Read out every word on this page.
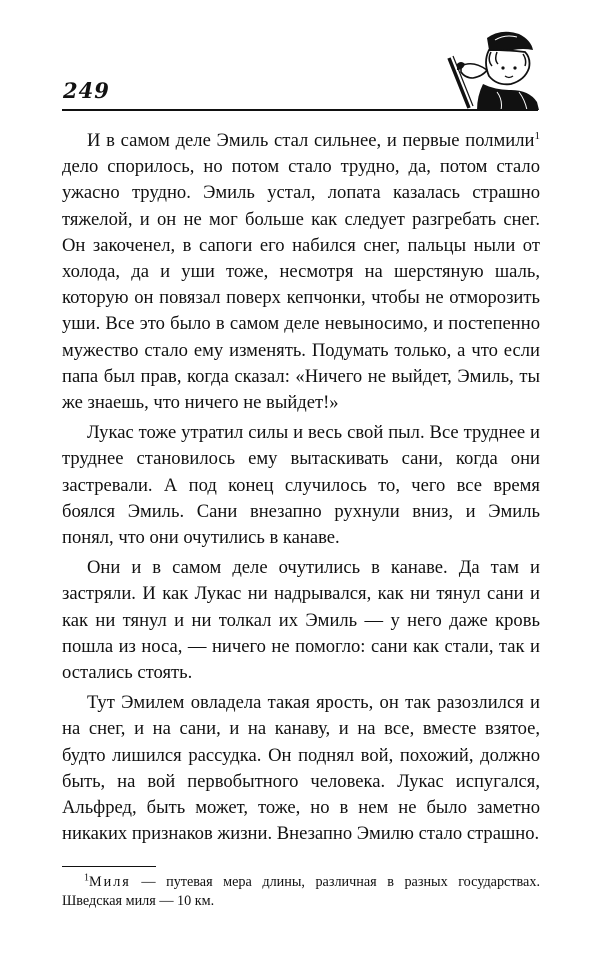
249

И в самом деле Эмиль стал сильнее, и первые полмили$^1$ дело спорилось, но потом стало трудно, да, потом стало ужасно трудно. Эмиль устал, лопата казалась страшно тяжелой, и он не мог больше как следует разгребать снег. Он закоченел, в сапоги его набился снег, пальцы ныли от холода, да и уши тоже, несмотря на шерстяную шаль, которую он повязал поверх кепчонки, чтобы не отморозить уши. Все это было в самом деле невыносимо, и постепенно мужество стало ему изменять. Подумать только, а что если папа был прав, когда сказал: «Ничего не выйдет, Эмиль, ты же знаешь, что ничего не выйдет!»

Лукас тоже утратил силы и весь свой пыл. Все труднее и труднее становилось ему вытаскивать сани, когда они застревали. А под конец случилось то, чего все время боялся Эмиль. Сани внезапно рухнули вниз, и Эмиль понял, что они очутились в канаве.

Они и в самом деле очутились в канаве. Да там и застряли. И как Лукас ни надрывался, как ни тянул сани и как ни тянул и ни толкал их Эмиль — у него даже кровь пошла из носа, — ничего не помогло: сани как стали, так и остались стоять.

Тут Эмилем овладела такая ярость, он так разозлился и на снег, и на сани, и на канаву, и на все, вместе взятое, будто лишился рассудка. Он поднял вой, похожий, должно быть, на вой первобытного человека. Лукас испугался, Альфред, быть может, тоже, но в нем не было заметно никаких признаков жизни. Внезапно Эмилю стало страшно.

$^1$Миля — путевая мера длины, различная в разных государствах. Шведская миля — 10 км.
